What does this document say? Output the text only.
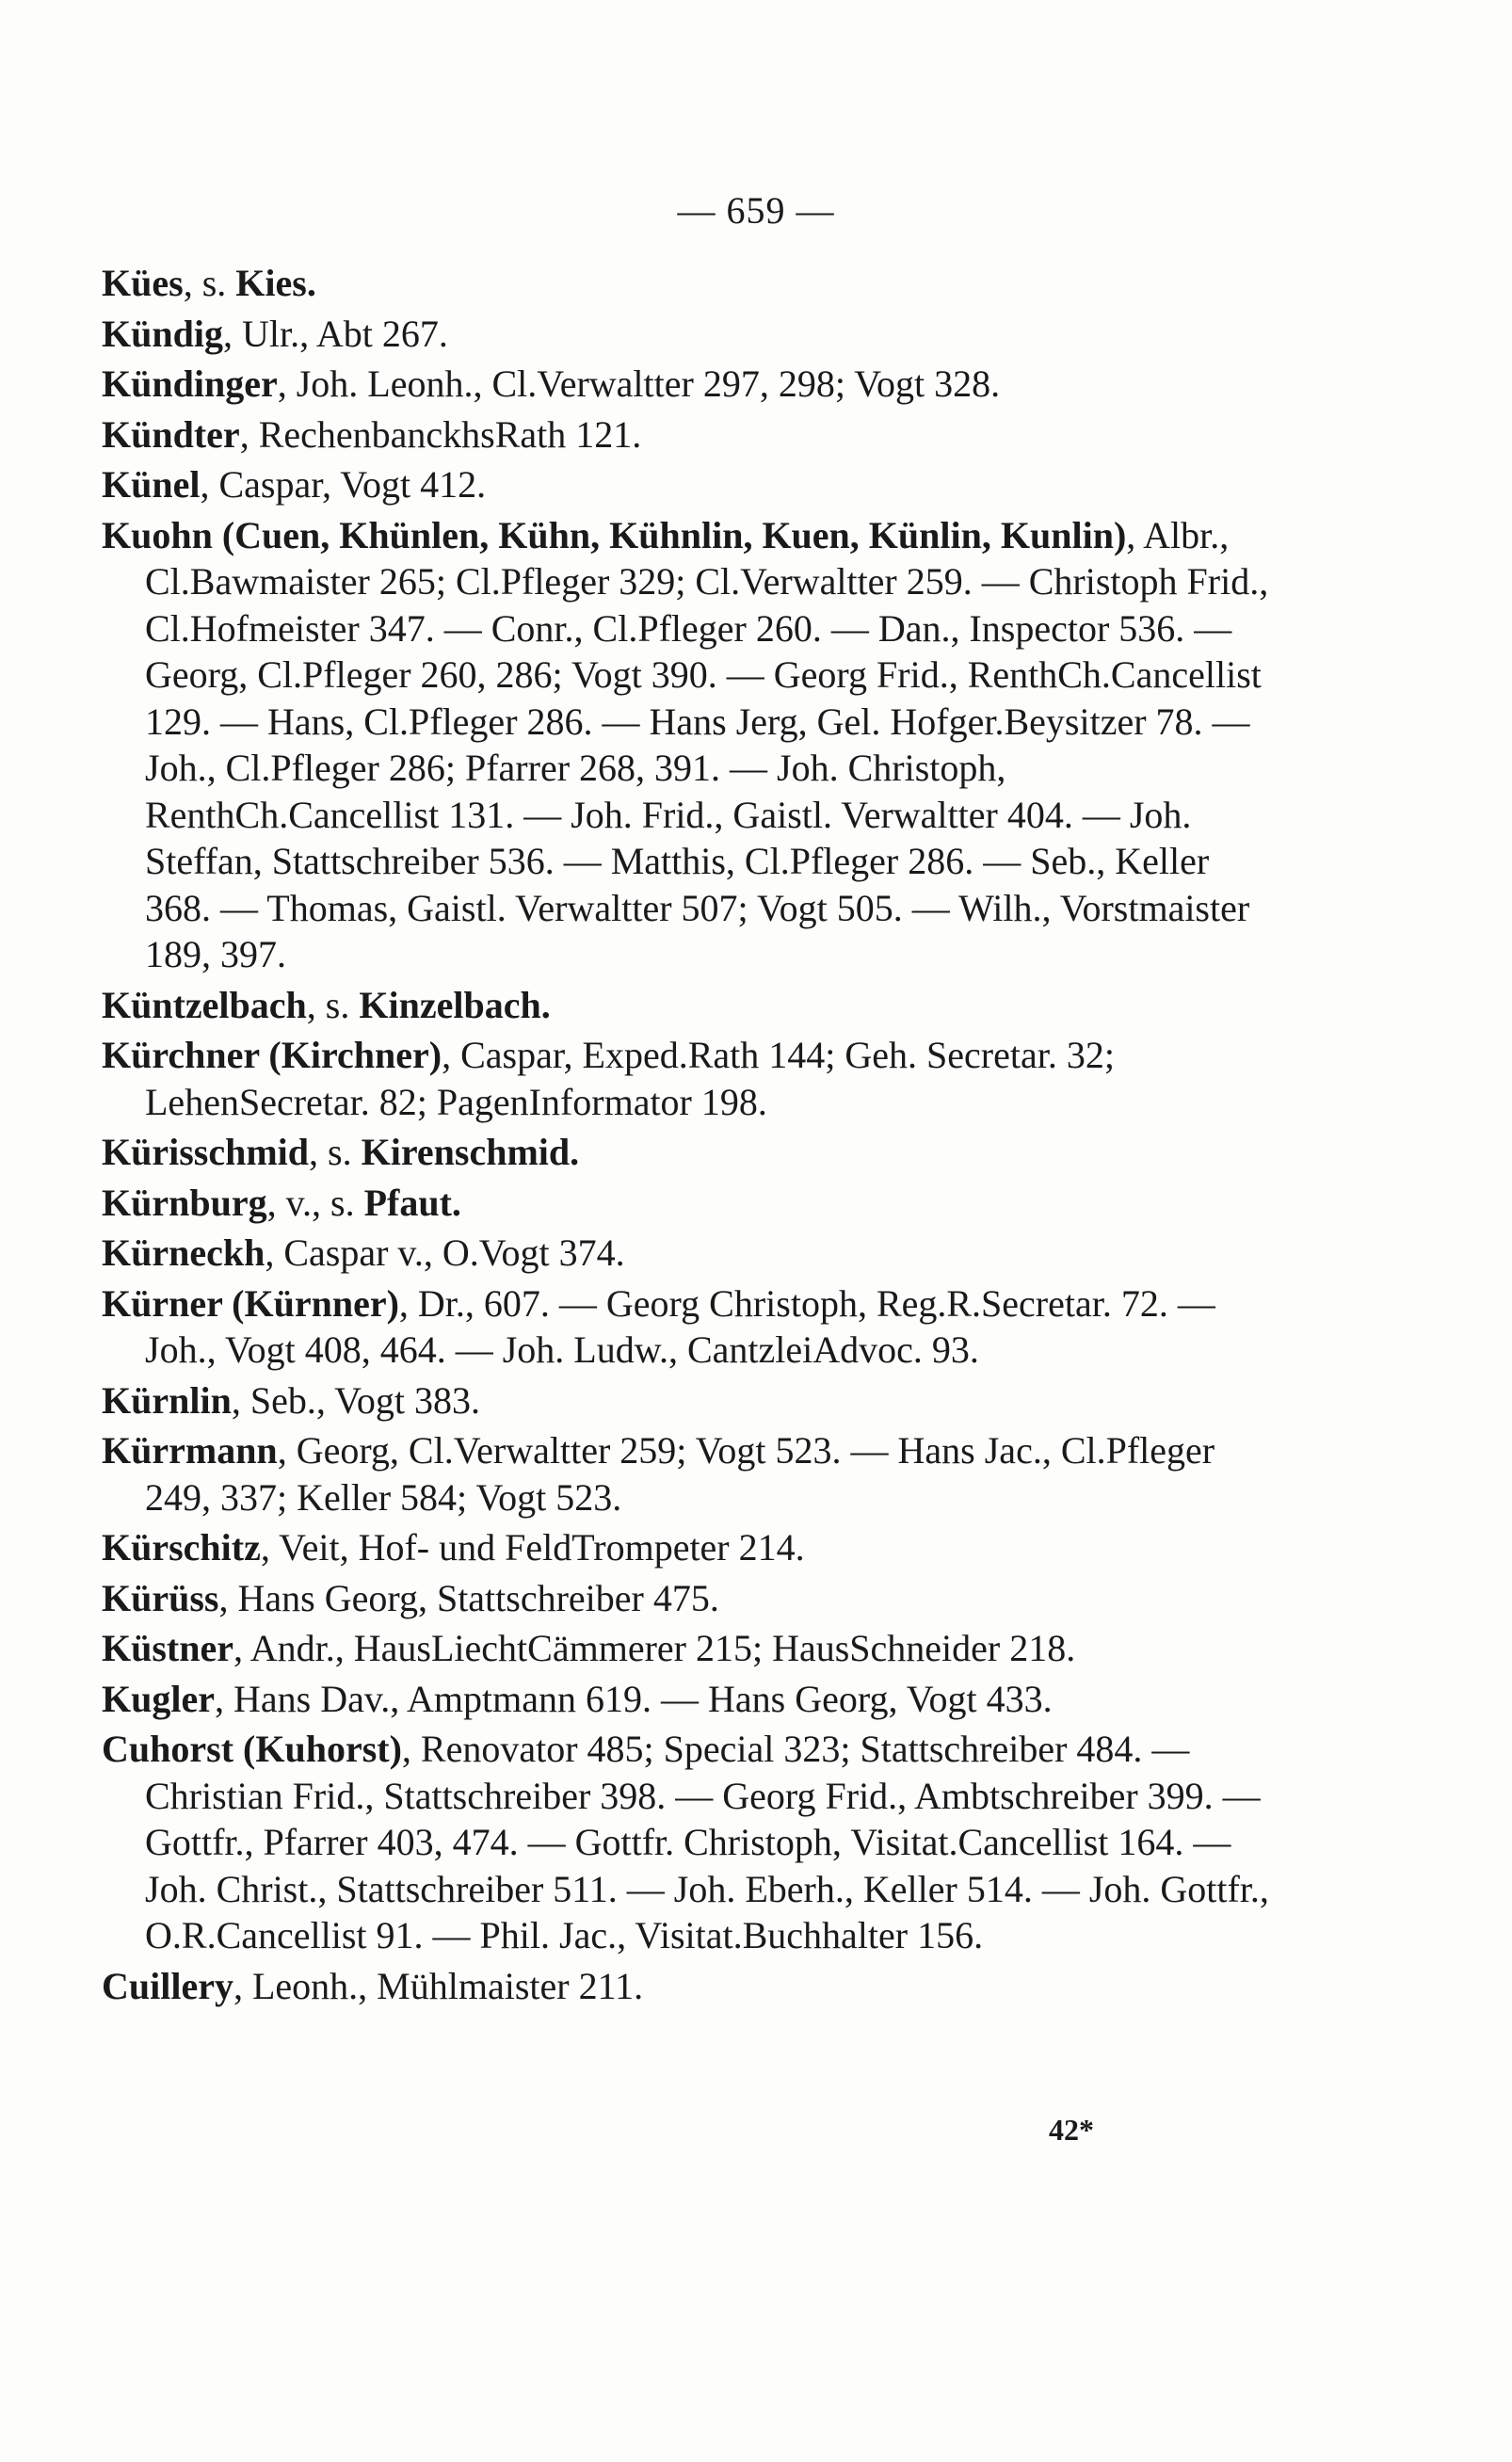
— 659 —

Kües, s. Kies.

Kündig, Ulr., Abt 267.

Kündinger, Joh. Leonh., Cl.Verwaltter 297, 298; Vogt 328.

Kündter, RechenbanckhsRath 121.

Künel, Caspar, Vogt 412.

Kuohn (Cuen, Khünlen, Kühn, Kühnlin, Kuen, Künlin, Kunlin), Albr., Cl.Bawmaister 265; Cl.Pfleger 329; Cl.Verwaltter 259. — Christoph Frid., Cl.Hofmeister 347. — Conr., Cl.Pfleger 260. — Dan., Inspector 536. — Georg, Cl.Pfleger 260, 286; Vogt 390. — Georg Frid., RenthCh.Cancellist 129. — Hans, Cl.Pfleger 286. — Hans Jerg, Gel. Hofger.Beysitzer 78. — Joh., Cl.Pfleger 286; Pfarrer 268, 391. — Joh. Christoph, RenthCh.Cancellist 131. — Joh. Frid., Gaistl. Verwaltter 404. — Joh. Steffan, Stattschreiber 536. — Matthis, Cl.Pfleger 286. — Seb., Keller 368. — Thomas, Gaistl. Verwaltter 507; Vogt 505. — Wilh., Vorstmaister 189, 397.

Küntzelbach, s. Kinzelbach.

Kürchner (Kirchner), Caspar, Exped.Rath 144; Geh. Secretar. 32; LehenSecretar. 82; PagenInformator 198.

Kürisschmid, s. Kirenschmid.

Kürnburg, v., s. Pfaut.

Kürneckh, Caspar v., O.Vogt 374.

Kürner (Kürnner), Dr., 607. — Georg Christoph, Reg.R.Secretar. 72. — Joh., Vogt 408, 464. — Joh. Ludw., CantzleiAdvoc. 93.

Kürnlin, Seb., Vogt 383.

Kürrmann, Georg, Cl.Verwaltter 259; Vogt 523. — Hans Jac., Cl.Pfleger 249, 337; Keller 584; Vogt 523.

Kürschitz, Veit, Hof- und FeldTrompeter 214.

Kürüss, Hans Georg, Stattschreiber 475.

Küstner, Andr., HausLiechtCämmerer 215; HausSchneider 218.

Kugler, Hans Dav., Amptmann 619. — Hans Georg, Vogt 433.

Cuhorst (Kuhorst), Renovator 485; Special 323; Stattschreiber 484. — Christian Frid., Stattschreiber 398. — Georg Frid., Ambtschreiber 399. — Gottfr., Pfarrer 403, 474. — Gottfr. Christoph, Visitat.Cancellist 164. — Joh. Christ., Stattschreiber 511. — Joh. Eberh., Keller 514. — Joh. Gottfr., O.R.Cancellist 91. — Phil. Jac., Visitat.Buchhalter 156.

Cuillery, Leonh., Mühlmaister 211.

42*
